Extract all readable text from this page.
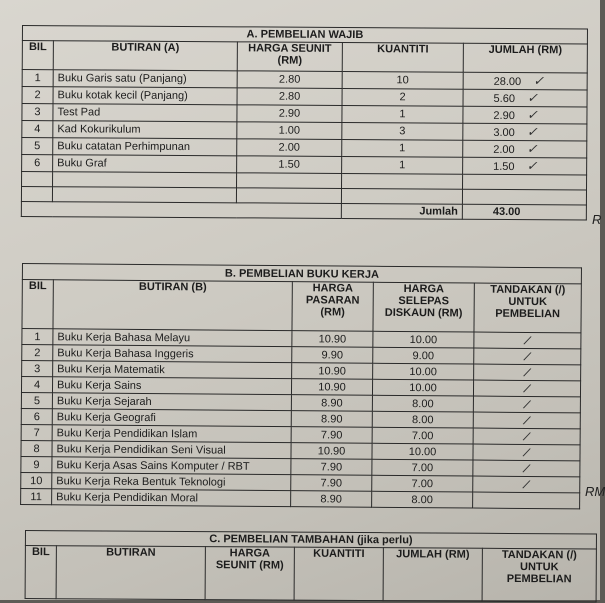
A. PEMBELIAN WAJIB				
BIL	BUTIRAN (A)	HARGA SEUNIT (RM)	KUANTITI	JUMLAH (RM)
1	Buku Garis satu (Panjang)	2.80	10	28.00 ✓
2	Buku kotak kecil (Panjang)	2.80	2	5.60 ✓
3	Test Pad	2.90	1	2.90 ✓
4	Kad Kokurikulum	1.00	3	3.00 ✓
5	Buku catatan Perhimpunan	2.00	1	2.00 ✓
6	Buku Graf	1.50	1	1.50 ✓

			Jumlah	43.00
B. PEMBELIAN BUKU KERJA				
BIL	BUTIRAN (B)	HARGA PASARAN (RM)	HARGA SELEPAS DISKAUN (RM)	TANDAKAN (/) UNTUK PEMBELIAN
1	Buku Kerja Bahasa Melayu	10.90	10.00	/
2	Buku Kerja Bahasa Inggeris	9.90	9.00	/
3	Buku Kerja Matematik	10.90	10.00	/
4	Buku Kerja Sains	10.90	10.00	/
5	Buku Kerja Sejarah	8.90	8.00	/
6	Buku Kerja Geografi	8.90	8.00	/
7	Buku Kerja Pendidikan Islam	7.90	7.00	/
8	Buku Kerja Pendidikan Seni Visual	10.90	10.00	/
9	Buku Kerja Asas Sains Komputer / RBT	7.90	7.00	/
10	Buku Kerja Reka Bentuk Teknologi	7.90	7.00	/
11	Buku Kerja Pendidikan Moral	8.90	8.00	
C. PEMBELIAN TAMBAHAN (jika perlu)
BIL	BUTIRAN	HARGA SEUNIT (RM)	KUANTITI	JUMLAH (RM)	TANDAKAN (/) UNTUK PEMBELIAN
R
RM
